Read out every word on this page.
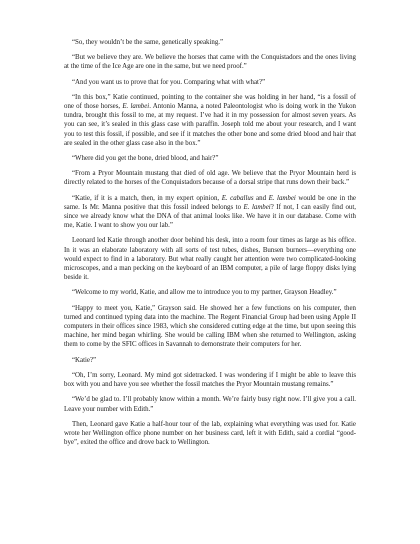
“So, they wouldn’t be the same, genetically speaking.”

“But we believe they are. We believe the horses that came with the Conquistadors and the ones living at the time of the Ice Age are one in the same, but we need proof.”

“And you want us to prove that for you. Comparing what with what?”

“In this box,” Katie continued, pointing to the container she was holding in her hand, “is a fossil of one of those horses, E. lambei. Antonio Manna, a noted Paleontologist who is doing work in the Yukon tundra, brought this fossil to me, at my request. I’ve had it in my possession for almost seven years. As you can see, it’s sealed in this glass case with paraffin. Joseph told me about your research, and I want you to test this fossil, if possible, and see if it matches the other bone and some dried blood and hair that are sealed in the other glass case also in the box.”

“Where did you get the bone, dried blood, and hair?”

“From a Pryor Mountain mustang that died of old age. We believe that the Pryor Mountain herd is directly related to the horses of the Conquistadors because of a dorsal stripe that runs down their back.”

“Katie, if it is a match, then, in my expert opinion, E. caballus and E. lambei would be one in the same. Is Mr. Manna positive that this fossil indeed belongs to E. lambei? If not, I can easily find out, since we already know what the DNA of that animal looks like. We have it in our database. Come with me, Katie. I want to show you our lab.”

Leonard led Katie through another door behind his desk, into a room four times as large as his office. In it was an elaborate laboratory with all sorts of test tubes, dishes, Bunsen burners—everything one would expect to find in a laboratory. But what really caught her attention were two complicated-looking microscopes, and a man pecking on the keyboard of an IBM computer, a pile of large floppy disks lying beside it.

“Welcome to my world, Katie, and allow me to introduce you to my partner, Grayson Headley.”

“Happy to meet you, Katie,” Grayson said. He showed her a few functions on his computer, then turned and continued typing data into the machine. The Regent Financial Group had been using Apple II computers in their offices since 1983, which she considered cutting edge at the time, but upon seeing this machine, her mind began whirling. She would be calling IBM when she returned to Wellington, asking them to come by the SFIC offices in Savannah to demonstrate their computers for her.

“Katie?”

“Oh, I’m sorry, Leonard. My mind got sidetracked. I was wondering if I might be able to leave this box with you and have you see whether the fossil matches the Pryor Mountain mustang remains.”

“We’d be glad to. I’ll probably know within a month. We’re fairly busy right now. I’ll give you a call. Leave your number with Edith.”

Then, Leonard gave Katie a half-hour tour of the lab, explaining what everything was used for. Katie wrote her Wellington office phone number on her business card, left it with Edith, said a cordial “good-bye”, exited the office and drove back to Wellington.
